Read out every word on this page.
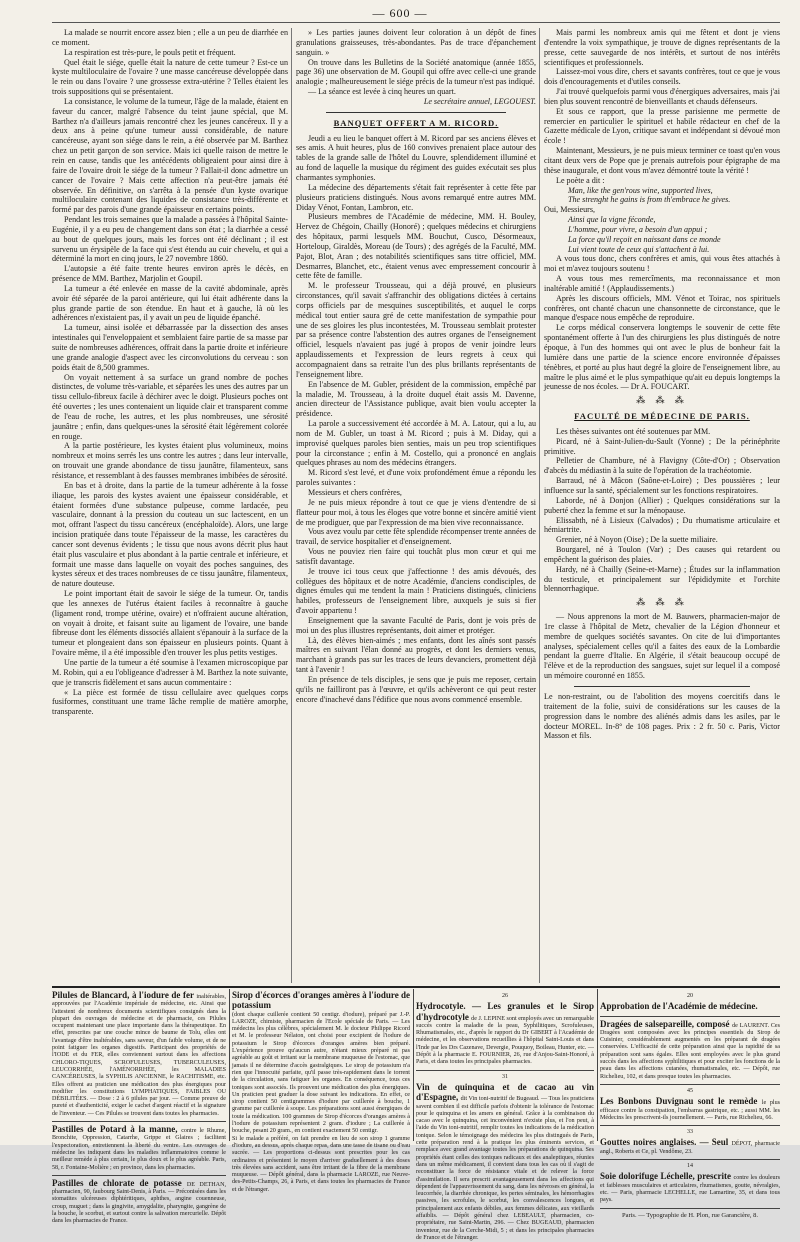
— 600 —

La malade se nourrit encore assez bien ; elle a un peu de diarrhée en ce moment.

La respiration est très-pure, le pouls petit et fréquent.

Quel était le siége, quelle était la nature de cette tumeur ? Est-ce un kyste multiloculaire de l'ovaire ? une masse cancéreuse développée dans le rein ou dans l'ovaire ? une grossesse extra-utérine ? Telles étaient les trois suppositions qui se présentaient.

La consistance, le volume de la tumeur, l'âge de la malade, étaient en faveur du cancer, malgré l'absence du teint jaune spécial, que M. Barthez n'a d'ailleurs jamais rencontré chez les jeunes cancéreux. Il y a deux ans à peine qu'une tumeur aussi considérable, de nature cancéreuse, ayant son siége dans le rein, a été observée par M. Barthez chez un petit garçon de son service. Mais ici quelle raison de mettre le rein en cause, tandis que les antécédents obligeaient pour ainsi dire à faire de l'ovaire droit le siége de la tumeur ? Fallait-il donc admettre un cancer de l'ovaire ? Mais cette affection n'a peut-être jamais été observée. En définitive, on s'arrêta à la pensée d'un kyste ovarique multiloculaire contenant des liquides de consistance très-différente et formé par des parois d'une grande épaisseur en certains points.

Pendant les trois semaines que la malade a passées à l'hôpital Sainte-Eugénie, il y a eu peu de changement dans son état ; la diarrhée a cessé au bout de quelques jours, mais les forces ont été déclinant ; il est survenu un érysipèle de la face qui s'est étendu au cuir chevelu, et qui a déterminé la mort en cinq jours, le 27 novembre 1860.

L'autopsie a été faite trente heures environ après le décès, en présence de MM. Barthez, Marjolin et Goupil.

La tumeur a été enlevée en masse de la cavité abdominale, après avoir été séparée de la paroi antérieure, qui lui était adhérente dans la plus grande partie de son étendue. En haut et à gauche, là où les adhérences n'existaient pas, il y avait un peu de liquide épanché.

La tumeur, ainsi isolée et débarrassée par la dissection des anses intestinales qui l'enveloppaient et semblaient faire partie de sa masse par suite de nombreuses adhérences, offrait dans la partie droite et inférieure une grande analogie d'aspect avec les circonvolutions du cerveau : son poids était de 8,500 grammes.

On voyait nettement à sa surface un grand nombre de poches distinctes, de volume très-variable, et séparées les unes des autres par un tissu cellulo-fibreux facile à déchirer avec le doigt. Plusieurs poches ont été ouvertes ; les unes contenaient un liquide clair et transparent comme de l'eau de roche, les autres, et les plus nombreuses, une sérosité jaunâtre ; enfin, dans quelques-unes la sérosité était légèrement colorée en rouge.

A la partie postérieure, les kystes étaient plus volumineux, moins nombreux et moins serrés les uns contre les autres ; dans leur intervalle, on trouvait une grande abondance de tissu jaunâtre, filamenteux, sans résistance, et ressemblant à des fausses membranes imbibées de sérosité.

En bas et à droite, dans la partie de la tumeur adhérente à la fosse iliaque, les parois des kystes avaient une épaisseur considérable, et étaient formées d'une substance pulpeuse, comme lardacée, peu vasculaire, donnant à la pression du couteau un suc lactescent, en un mot, offrant l'aspect du tissu cancéreux (encéphaloïde). Alors, une large incision pratiquée dans toute l'épaisseur de la masse, les caractères du cancer sont devenus évidents ; le tissu que nous avons décrit plus haut était plus vasculaire et plus abondant à la partie centrale et inférieure, et formait une masse dans laquelle on voyait des poches sanguines, des kystes séreux et des traces nombreuses de ce tissu jaunâtre, filamenteux, de nature douteuse.

Le point important était de savoir le siége de la tumeur. Or, tandis que les annexes de l'utérus étaient faciles à reconnaître à gauche (ligament rond, trompe utérine, ovaire) et n'offraient aucune altération, on voyait à droite, et faisant suite au ligament de l'ovaire, une bande fibreuse dont les éléments dissociés allaient s'épanouir à la surface de la tumeur et plongeaient dans son épaisseur en plusieurs points. Quant à l'ovaire même, il a été impossible d'en trouver les plus petits vestiges.

Une partie de la tumeur a été soumise à l'examen microscopique par M. Robin, qui a eu l'obligeance d'adresser à M. Barthez la note suivante, que je transcris fidèlement et sans aucun commentaire :

« La pièce est formée de tissu cellulaire avec quelques corps fusiformes, constituant une trame lâche remplie de matière amorphe, transparente.

» Les parties jaunes doivent leur coloration à un dépôt de fines granulations graisseuses, très-abondantes. Pas de trace d'épanchement sanguin. »

On trouve dans les Bulletins de la Société anatomique (année 1855, page 36) une observation de M. Goupil qui offre avec celle-ci une grande analogie ; malheureusement le siége précis de la tumeur n'est pas indiqué.

— La séance est levée à cinq heures un quart.

Le secrétaire annuel, LEGOUEST.

BANQUET OFFERT A M. RICORD.

Jeudi a eu lieu le banquet offert à M. Ricord par ses anciens élèves et ses amis. A huit heures, plus de 160 convives prenaient place autour des tables de la grande salle de l'hôtel du Louvre, splendidement illuminé et au fond de laquelle la musique du régiment des guides exécutait ses plus charmantes symphonies.

La médecine des départements s'était fait représenter à cette fête par plusieurs praticiens distingués. Nous avons remarqué entre autres MM. Diday Vénot, Fontan, Lambron, etc.

Plusieurs membres de l'Académie de médecine, MM. H. Bouley, Hervez de Chégoin, Chailly (Honoré) ; quelques médecins et chirurgiens des hôpitaux, parmi lesquels MM. Bouchut, Cusco, Désormeaux, Horteloup, Giraldès, Moreau (de Tours) ; des agrégés de la Faculté, MM. Pajot, Blot, Aran ; des notabilités scientifiques sans titre officiel, MM. Desmarres, Blanchet, etc., étaient venus avec empressement concourir à cette fête de famille.

M. le professeur Trousseau, qui a déjà prouvé, en plusieurs circonstances, qu'il savait s'affranchir des obligations dictées à certains corps officiels par de mesquines susceptibilités, et auquel le corps médical tout entier saura gré de cette manifestation de sympathie pour une de ses gloires les plus incontestées, M. Trousseau semblait protester par sa présence contre l'abstention des autres organes de l'enseignement officiel, lesquels n'avaient pas jugé à propos de venir joindre leurs applaudissements et l'expression de leurs regrets à ceux qui accompagnaient dans sa retraite l'un des plus brillants représentants de l'enseignement libre.

En l'absence de M. Gubler, président de la commission, empêché par la maladie, M. Trousseau, à la droite duquel était assis M. Davenne, ancien directeur de l'Assistance publique, avait bien voulu accepter la présidence.

La parole a successivement été accordée à M. A. Latour, qui a lu, au nom de M. Gubler, un toast à M. Ricord ; puis à M. Diday, qui a improvisé quelques paroles bien senties, mais un peu trop scientifiques pour la circonstance ; enfin à M. Costello, qui a prononcé en anglais quelques phrases au nom des médecins étrangers.

M. Ricord s'est levé, et d'une voix profondément émue a répondu les paroles suivantes :

Messieurs et chers confrères,

Je ne puis mieux répondre à tout ce que je viens d'entendre de si flatteur pour moi, à tous les éloges que votre bonne et sincère amitié vient de me prodiguer, que par l'expression de ma bien vive reconnaissance.

Vous avez voulu par cette fête splendide récompenser trente années de travail, de service hospitalier et d'enseignement.

Vous ne pouviez rien faire qui touchât plus mon cœur et qui me satisfît davantage.

Je trouve ici tous ceux que j'affectionne ! des amis dévoués, des collègues des hôpitaux et de notre Académie, d'anciens condisciples, de dignes émules qui me tendent la main ! Praticiens distingués, cliniciens habiles, professeurs de l'enseignement libre, auxquels je suis si fier d'avoir appartenu !

Enseignement que la savante Faculté de Paris, dont je vois près de moi un des plus illustres représentants, doit aimer et protéger.

Là, des élèves bien-aimés ; mes enfants, dont les aînés sont passés maîtres en suivant l'élan donné au progrès, et dont les derniers venus, marchant à grands pas sur les traces de leurs devanciers, promettent déjà tant à l'avenir !

En présence de tels disciples, je sens que je puis me reposer, certain qu'ils ne failliront pas à l'œuvre, et qu'ils achèveront ce qui peut rester encore d'inachevé dans l'édifice que nous avons commencé ensemble.

Mais parmi les nombreux amis qui me fêtent et dont je viens d'entendre la voix sympathique, je trouve de dignes représentants de la presse, cette sauvegarde de nos intérêts, et surtout de nos intérêts scientifiques et professionnels.

Laissez-moi vous dire, chers et savants confrères, tout ce que je vous dois d'encouragements et d'utiles conseils.

J'ai trouvé quelquefois parmi vous d'énergiques adversaires, mais j'ai bien plus souvent rencontré de bienveillants et chauds défenseurs.

Et sous ce rapport, que la presse parisienne me permette de remercier en particulier le spirituel et habile rédacteur en chef de la Gazette médicale de Lyon, critique savant et indépendant si dévoué mon école !

Maintenant, Messieurs, je ne puis mieux terminer ce toast qu'en vous citant deux vers de Pope que je prenais autrefois pour épigraphe de ma thèse inaugurale, et dont vous m'avez démontré toute la vérité !

Le poète a dit :

Man, like the gen'rous wine, supported lives,

The strenght he gains is from th'embrace he gives.

Oui, Messieurs,

Ainsi que la vigne féconde,

L'homme, pour vivre, a besoin d'un appui ;

La force qu'il reçoit en naissant dans ce monde

Lui vient toute de ceux qui s'attachent à lui.

A vous tous donc, chers confrères et amis, qui vous êtes attachés à moi et m'avez toujours soutenu !

A vous tous mes remercîments, ma reconnaissance et mon inaltérable amitié ! (Applaudissements.)

Après les discours officiels, MM. Vénot et Toirac, nos spirituels confrères, ont chanté chacun une chansonnette de circonstance, que le manque d'espace nous empêche de reproduire.

Le corps médical conservera longtemps le souvenir de cette fête spontanément offerte à l'un des chirurgiens les plus distingués de notre époque, à l'un des hommes qui ont avec le plus de bonheur fait la lumière dans une partie de la science encore environnée d'épaisses ténèbres, et porté au plus haut degré la gloire de l'enseignement libre, au maître le plus aimé et le plus sympathique qu'ait eu depuis longtemps la jeunesse de nos écoles. — Dr A. FOUCART.

⁂ ⁂ ⁂
FACULTÉ DE MÉDECINE DE PARIS.

Les thèses suivantes ont été soutenues par MM.

Picard, né à Saint-Julien-du-Sault (Yonne) ; De la périnéphrite primitive.

Pelletier de Chambure, né à Flavigny (Côte-d'Or) ; Observation d'abcès du médiastin à la suite de l'opération de la trachéotomie.

Barraud, né à Mâcon (Saône-et-Loire) ; Des poussières ; leur influence sur la santé, spécialement sur les fonctions respiratoires.

Laborde, né à Donjon (Allier) ; Quelques considérations sur la puberté chez la femme et sur la ménopause.

Elissabth, né à Lisieux (Calvados) ; Du rhumatisme articulaire et hémiartrite.

Grenier, né à Noyon (Oise) ; De la suette miliaire.

Bourgarel, né à Toulon (Var) ; Des causes qui retardent ou empêchent la guérison des plaies.

Hardy, né à Chailly (Seine-et-Marne) ; Études sur la inflammation du testicule, et principalement sur l'épididymite et l'orchite blennorrhagique.

⁂ ⁂ ⁂

— Nous apprenons la mort de M. Bauwers, pharmacien-major de 1re classe à l'hôpital de Metz, chevalier de la Légion d'honneur et membre de quelques sociétés savantes. On cite de lui d'importantes analyses, spécialement celles qu'il a faites des eaux de la Lombardie pendant la guerre d'Italie. En Algérie, il s'était beaucoup occupé de l'élève et de la reproduction des sangsues, sujet sur lequel il a composé un mémoire couronné en 1855.

Le non-restraint, ou de l'abolition des moyens coercitifs dans le traitement de la folie, suivi de considérations sur les causes de la progression dans le nombre des aliénés admis dans les asiles, par le docteur MOREL. In-8° de 108 pages. Prix : 2 fr. 50 c. Paris, Victor Masson et fils.

Pilules de Blancard, à l'iodure de fer inaltérables, approuvées par l'Académie impériale de médecine, etc. Ainsi que l'attestent de nombreux documents scientifiques consignés dans la plupart des ouvrages de médecine et de pharmacie, ces Pilules occupent maintenant une place importante dans la thérapeutique. En effet, prescrites par une couche mince de baume de Tolu, elles ont l'avantage d'être inaltérables, sans saveur, d'un faible volume, et de ne point fatiguer les organes digestifs. Participant des propriétés de l'IODE et du FER, elles conviennent surtout dans les affections CHLORO-TIQUES, SCROFULEUSES, TUBERCULEUSES, LEUCORRHÉE, l'AMÉNORRHÉE, les MALADIES CANCÉREUSES, la SYPHILIS ANCIENNE, le RACHITISME, etc. Elles offrent au praticien une médication des plus énergiques pour modifier les constitutions LYMPHATIQUES, FAIBLES OU DÉBILITÉES. — Dose : 2 à 6 pilules par jour. — Comme preuve de pureté et d'authenticité, exiger le cachet d'argent réactif et la signature de l'inventeur. — Ces Pilules se trouvent dans toutes les pharmacies.

Pastilles de Potard à la manne, contre le Rhume, Bronchite, Oppression, Catarrhe, Grippe et Glaires ; facilitent l'expectoration, entretiennent la liberté du ventre. Les ouvrages de médecine les indiquent dans les maladies inflammatoires comme le meilleur remède à plus certain, le plus doux et le plus agréable. Paris, 58, r. Fontaine-Molière ; en province, dans les pharmacies.

Pastilles de chlorate de potasse DE DETHAN, pharmacien, 90, faubourg Saint-Denis, à Paris. — Préconisées dans les stomatites ulcéreuses diphtéritiques, aphthes, angine couenneuse, croup, muguet ; dans la gingivite, amygdalite, pharyngite, gangrène de la bouche, le scorbut, et surtout contre la salivation mercurielle. Dépôt dans les pharmacies de France.

Sirop d'écorces d'oranges amères à l'iodure de potassium

(dont chaque cuillerée contient 50 centigr. d'iodure), préparé par J.-P. LAROZE, chimiste, pharmacien de l'Ecole spéciale de Paris. — Les médecins les plus célèbres, spécialement M. le docteur Philippe Ricord et M. le professeur Nélaton, ont choisi pour excipient de l'iodure de potassium le Sirop d'écorces d'oranges amères bien préparé. L'expérience prouve qu'aucun autre, n'étant mieux préparé ni pas agréable au goût et irritant sur la membrane muqueuse de l'estomac, que jamais il ne détermine d'accès gastralgiques. Le sirop de potassium n'a rien que l'innocuité parfaite, qu'il passe très-rapidement dans le torrent de la circulation, sans fatiguer les organes. En conséquence, tous ces toniques sont associés. Ils prouvent une médication des plus énergiques. Un praticien peut graduer la dose suivant les indications. En effet, ce sirop contient 50 centigrammes d'iodure par cuillerée à bouche, 1 gramme par cuillerée à soupe. Les préparations sont aussi énergiques de toute la médication. 100 grammes de Sirop d'écorces d'oranges amères à l'iodure de potassium représentent 2 gram. d'iodure ; La cuillerée à bouche, pesant 20 gram., en contient exactement 50 centigr.

Si le malade a préféré, on fait prendre en lieu de son sirop 1 gramme d'iodure, au dessus, après chaque repas, dans une tasse de tisane ou d'eau sucrée. — Les proportions ci-dessus sont prescrites pour les cas ordinaires et présentent le moyen d'arriver graduellement à des doses très élevées sans accident, sans être irritant de la fibre de la membrane muqueuse. — Dépôt général, dans la pharmacie LAROZE, rue Neuve-des-Petits-Champs, 26, à Paris, et dans toutes les pharmacies de France et de l'étranger.

26

Hydrocotyle. — Les granules et le Sirop d'hydrocotyle de J. LEPINE sont employés avec un remarquable succès contre la maladie de la peau, Syphilitiques, Scrofuleuses, Rhumatismales, etc., d'après le rapport du Dr GIBERT à l'Académie de médecine, et les observations recueillies à l'hôpital Saint-Louis et dans l'Inde par les Drs Cazenave, Devergie, Pouquoy, Boileau, Hunter, etc. — Dépôt à la pharmacie E. FOURNIER, 26, rue d'Anjou-Saint-Honoré, à Paris, et dans toutes les principales pharmacies.

31

Vin de quinquina et de cacao au vin d'Espagne, dit Vin toni-nutritif de Bugeaud. — Tous les praticiens savent combien il est difficile parfois d'obtenir la tolérance de l'estomac pour le quinquina et les amers en général. Grâce à la combinaison du cacao avec le quinquina, cet inconvénient n'existe plus, et l'on peut, à l'aide du Vin toni-nutritif, remplir toutes les indications de la médication tonique. Selon le témoignage des médecins les plus distingués de Paris, cette préparation rend à la pratique les plus éminents services, et remplace avec grand avantage toutes les préparations de quinquina. Ses propriétés étant celles des toniques radicaux et des analeptiques, réunies dans un même médicament, il convient dans tous les cas où il s'agit de reconstituer la force de résistance vitale et de relever la force d'assimilation. Il sera prescrit avantageusement dans les affections qui dépendent de l'appauvrissement du sang, dans les névroses en général, la leucorrhée, la diarrhée chronique, les pertes séminales, les hémorrhagies passives, les scrofules, le scorbut, les convalescences longues, et principalement aux enfants débiles, aux femmes délicates, aux vieillards affaiblis. — Dépôt général chez LEBEAULT, pharmacien, co-propriétaire, rue Saint-Martin, 296. — Chez BUGEAUD, pharmacien inventeur, rue de la Cerche-Midi, 5 ; et dans les principales pharmacies de France et de l'étranger.

20

Approbation de l'Académie de médecine.

Dragées de salsepareille, composé de LAURENT. Ces Dragées sont composées avec les principes essentiels du Sirop de Cuisinier, considérablement augmentés en les préparant de dragées conservées. L'efficacité de cette préparation ainsi que la rapidité de sa préparation sont sans égales. Elles sont employées avec le plus grand succès dans les affections syphilitiques et pour exciter les fonctions de la peau dans les affections cutanées, rhumatismales, etc. — Dépôt, rue Richelieu, 102, et dans presque toutes les pharmacies.

45

Les Bonbons Duvignau sont le remède le plus efficace contre la constipation, l'embarras gastrique, etc. ; aussi MM. les Médecins les prescrivent-ils journellement. — Paris, rue Richelieu, 66.

33

Gouttes noires anglaises. — Seul DÉPOT, pharmacie angl., Roberts et Ce, pl. Vendôme, 23.

14

Soie dolorifuge Léchelle, prescrite contre les douleurs et faiblesses musculaires et articulaires, rhumatismes, goutte, névralgies, etc. — Paris, pharmacie LECHELLE, rue Lamartine, 35, et dans tous pays.

Paris. — Typographie de H. Plon, rue Garancière, 8.
